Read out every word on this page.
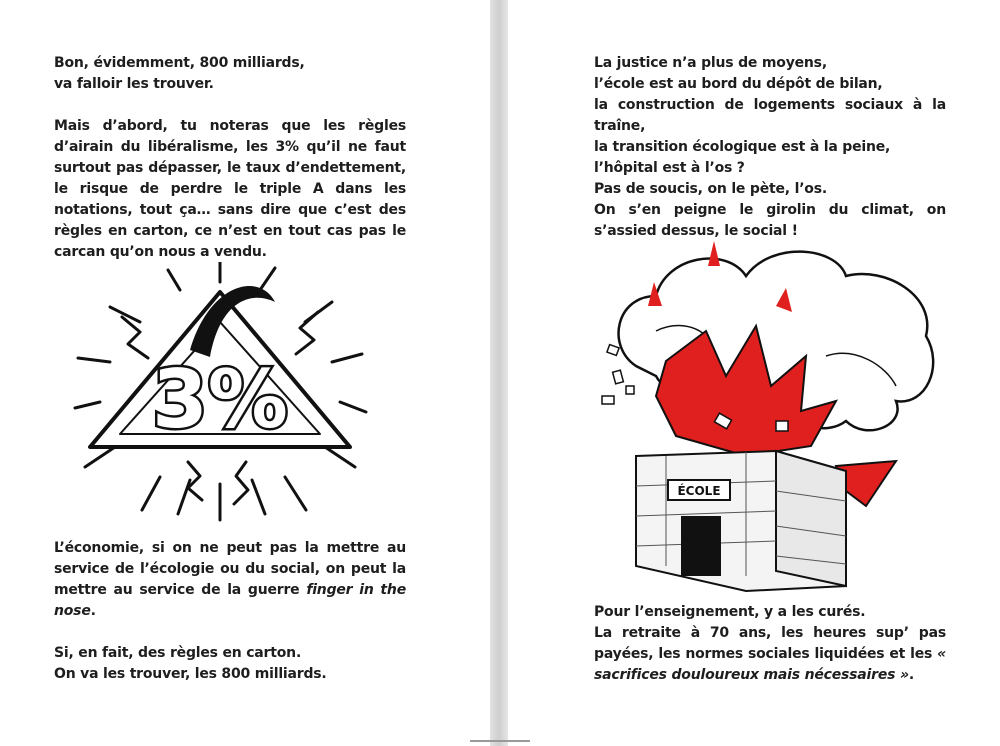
Bon, évidemment, 800 milliards,

va falloir les trouver.

Mais d’abord, tu noteras que les règles d’airain du libéralisme, les 3% qu’il ne faut surtout pas dépasser, le taux d’endettement, le risque de perdre le triple A dans les notations, tout ça… sans dire que c’est des règles en carton, ce n’est en tout cas pas le carcan qu’on nous a vendu.

3%

L’économie, si on ne peut pas la mettre au service de l’écologie ou du social, on peut la mettre au service de la guerre finger in the nose.

Si, en fait, des règles en carton.

On va les trouver, les 800 milliards.

La justice n’a plus de moyens,

l’école est au bord du dépôt de bilan,

la construction de logements sociaux à la traîne,

la transition écologique est à la peine,

l’hôpital est à l’os ?

Pas de soucis, on le pète, l’os.

On s’en peigne le girolin du climat, on s’assied dessus, le social !

ÉCOLE

Pour l’enseignement, y a les curés.

La retraite à 70 ans, les heures sup’ pas payées, les normes sociales liquidées et les « sacrifices douloureux mais nécessaires ».
